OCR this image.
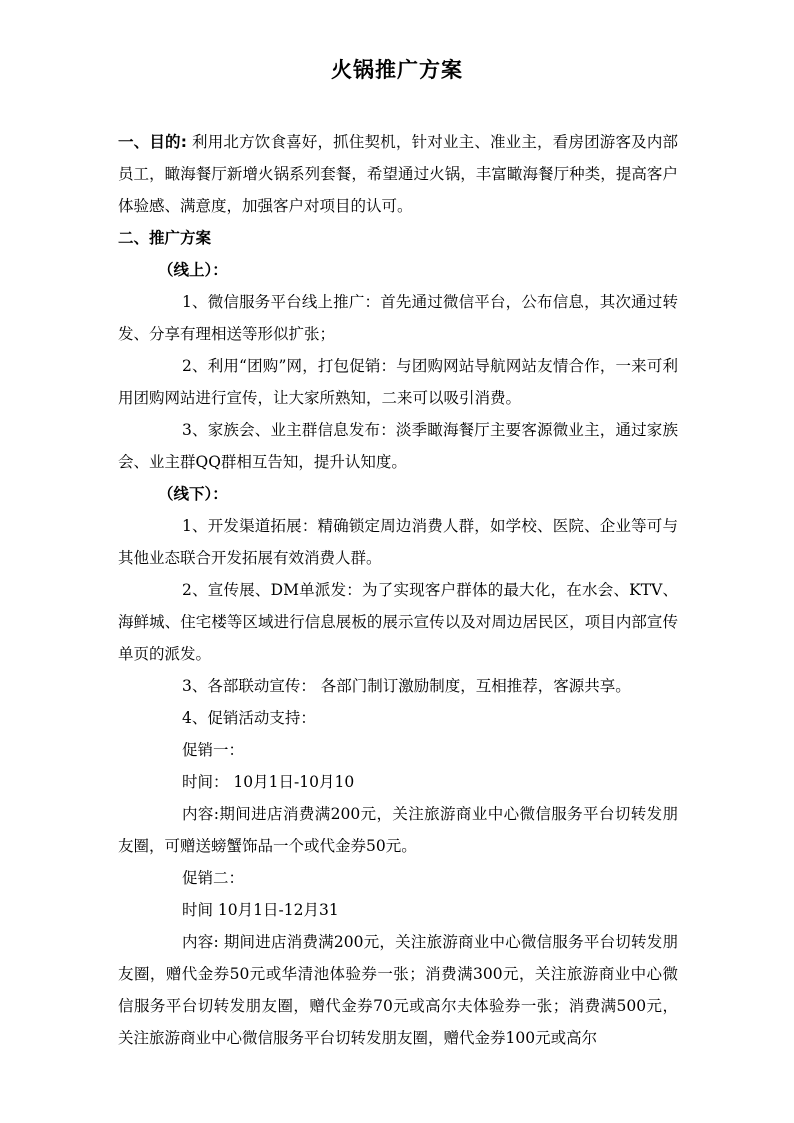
火锅推广方案

一、目的: 利用北方饮食喜好，抓住契机，针对业主、准业主，看房团游客及内部员工，瞰海餐厅新增火锅系列套餐，希望通过火锅，丰富瞰海餐厅种类，提高客户体验感、满意度，加强客户对项目的认可。

二、推广方案

（线上）：

1、微信服务平台线上推广：首先通过微信平台，公布信息，其次通过转发、分享有理相送等形似扩张；

2、利用“团购”网，打包促销：与团购网站导航网站友情合作，一来可利用团购网站进行宣传，让大家所熟知，二来可以吸引消费。

3、家族会、业主群信息发布：淡季瞰海餐厅主要客源微业主，通过家族会、业主群QQ群相互告知，提升认知度。

（线下）：

1、开发渠道拓展：精确锁定周边消费人群，如学校、医院、企业等可与其他业态联合开发拓展有效消费人群。

2、宣传展、DM单派发：为了实现客户群体的最大化，在水会、KTV、海鲜城、住宅楼等区域进行信息展板的展示宣传以及对周边居民区，项目内部宣传单页的派发。

3、各部联动宣传： 各部门制订激励制度，互相推荐，客源共享。

4、促销活动支持：

促销一：

时间： 10月1日-10月10

内容:期间进店消费满200元，关注旅游商业中心微信服务平台切转发朋友圈，可赠送螃蟹饰品一个或代金券50元。

促销二：

时间 10月1日-12月31

内容: 期间进店消费满200元，关注旅游商业中心微信服务平台切转发朋友圈，赠代金券50元或华清池体验券一张；消费满300元，关注旅游商业中心微信服务平台切转发朋友圈，赠代金券70元或高尔夫体验券一张；消费满500元，关注旅游商业中心微信服务平台切转发朋友圈，赠代金券100元或高尔
